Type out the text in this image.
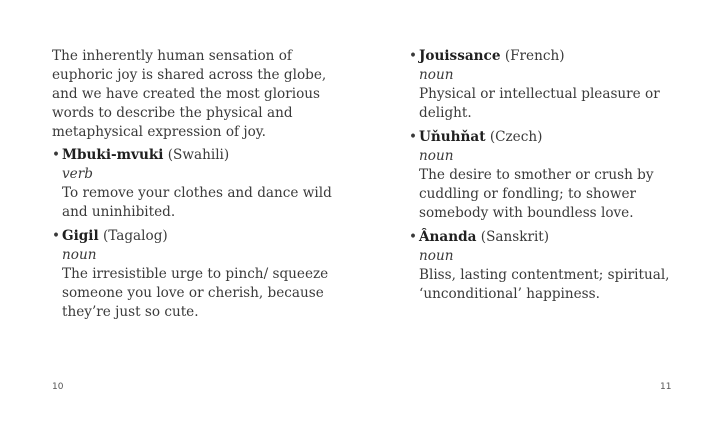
The inherently human sensation of euphoric joy is shared across the globe, and we have created the most glorious words to describe the physical and metaphysical expression of joy.

• Mbuki-mvuki (Swahili)
verb
To remove your clothes and dance wild and uninhibited.
• Gigil (Tagalog)
noun
The irresistible urge to pinch/ squeeze someone you love or cherish, because they’re just so cute.
10
• Jouissance (French)
noun
Physical or intellectual pleasure or delight.
• Uňuhňat (Czech)
noun
The desire to smother or crush by cuddling or fondling; to shower somebody with boundless love.
• Ânanda (Sanskrit)
noun
Bliss, lasting contentment; spiritual, ‘unconditional’ happiness.
11
